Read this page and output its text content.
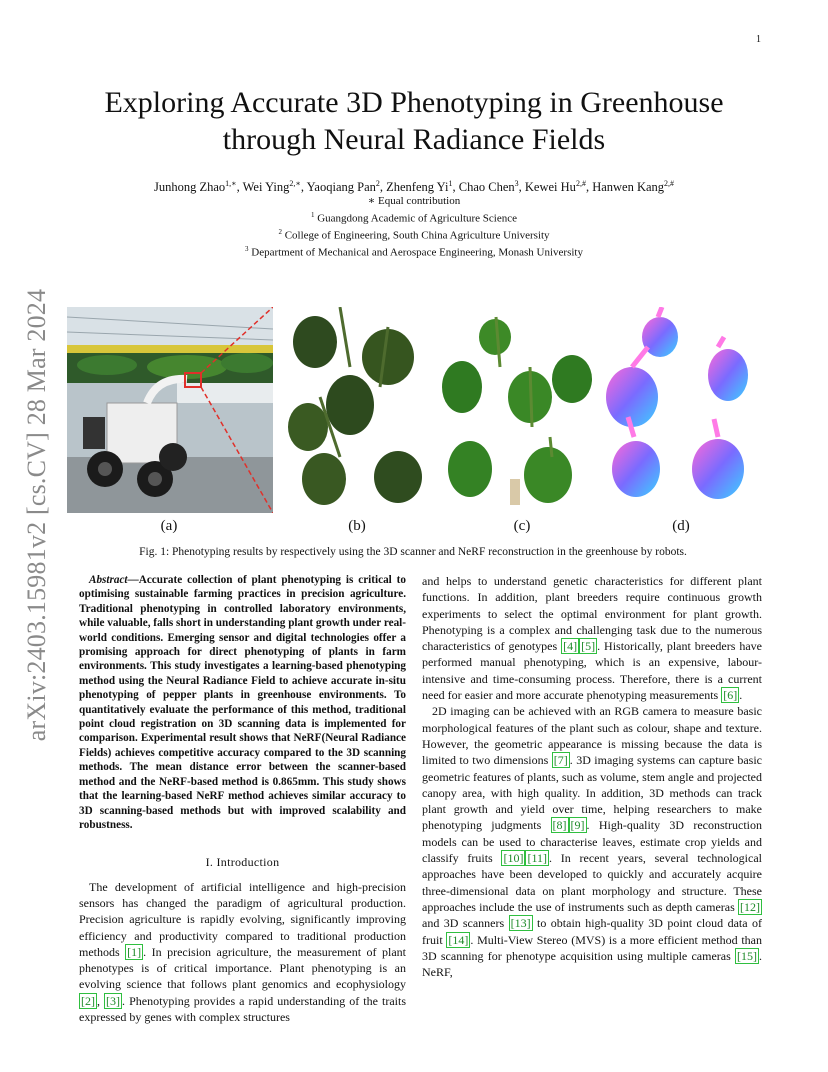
1
arXiv:2403.15981v2 [cs.CV] 28 Mar 2024
Exploring Accurate 3D Phenotyping in Greenhouse through Neural Radiance Fields
Junhong Zhao$^{1,∗}$, Wei Ying$^{2,∗}$, Yaoqiang Pan$^2$, Zhenfeng Yi$^1$, Chao Chen$^3$, Kewei $Hu^{2,\#}$, Hanwen Kang$^{2,\#}$
∗ Equal contribution
$^1$ Guangdong Academic of Agriculture Science
$^2$ College of Engineering, South China Agriculture University
$^3$ Department of Mechanical and Aerospace Engineering, Monash University
(a)	(b)	(c)	(d)
Fig. 1: Phenotyping results by respectively using the 3D scanner and NeRF reconstruction in the greenhouse by robots.

Abstract—Accurate collection of plant phenotyping is critical to optimising sustainable farming practices in precision agriculture. Traditional phenotyping in controlled laboratory environments, while valuable, falls short in understanding plant growth under real-world conditions. Emerging sensor and digital technologies offer a promising approach for direct phenotyping of plants in farm environments. This study investigates a learning-based phenotyping method using the Neural Radiance Field to achieve accurate in-situ phenotyping of pepper plants in greenhouse environments. To quantitatively evaluate the performance of this method, traditional point cloud registration on 3D scanning data is implemented for comparison. Experimental result shows that NeRF(Neural Radiance Fields) achieves competitive accuracy compared to the 3D scanning methods. The mean distance error between the scanner-based method and the NeRF-based method is 0.865mm. This study shows that the learning-based NeRF method achieves similar accuracy to 3D scanning-based methods but with improved scalability and robustness.

I. Introduction

The development of artificial intelligence and high-precision sensors has changed the paradigm of agricultural production. Precision agriculture is rapidly evolving, significantly improving efficiency and productivity compared to traditional production methods [1] . In precision agriculture, the measurement of plant phenotypes is of critical importance. Plant phenotyping is an evolving science that follows plant genomics and ecophysiology [2] , [3] . Phenotyping provides a rapid understanding of the traits expressed by genes with complex structures

and helps to understand genetic characteristics for different plant functions. In addition, plant breeders require continuous growth experiments to select the optimal environment for plant growth. Phenotyping is a complex and challenging task due to the numerous characteristics of genotypes [4] [5] . Historically, plant breeders have performed manual phenotyping, which is an expensive, labour-intensive and time-consuming process. Therefore, there is a current need for easier and more accurate phenotyping measurements [6] .

2D imaging can be achieved with an RGB camera to measure basic morphological features of the plant such as colour, shape and texture. However, the geometric appearance is missing because the data is limited to two dimensions [7] . 3D imaging systems can capture basic geometric features of plants, such as volume, stem angle and projected canopy area, with high quality. In addition, 3D methods can track plant growth and yield over time, helping researchers to make phenotyping judgments [8] [9] . High-quality 3D reconstruction models can be used to characterise leaves, estimate crop yields and classify fruits [10] [11] . In recent years, several technological approaches have been developed to quickly and accurately acquire three-dimensional data on plant morphology and structure. These approaches include the use of instruments such as depth cameras [12] and 3D scanners [13] to obtain high-quality 3D point cloud data of fruit [14] . Multi-View Stereo (MVS) is a more efficient method than 3D scanning for phenotype acquisition using multiple cameras [15] . NeRF,
